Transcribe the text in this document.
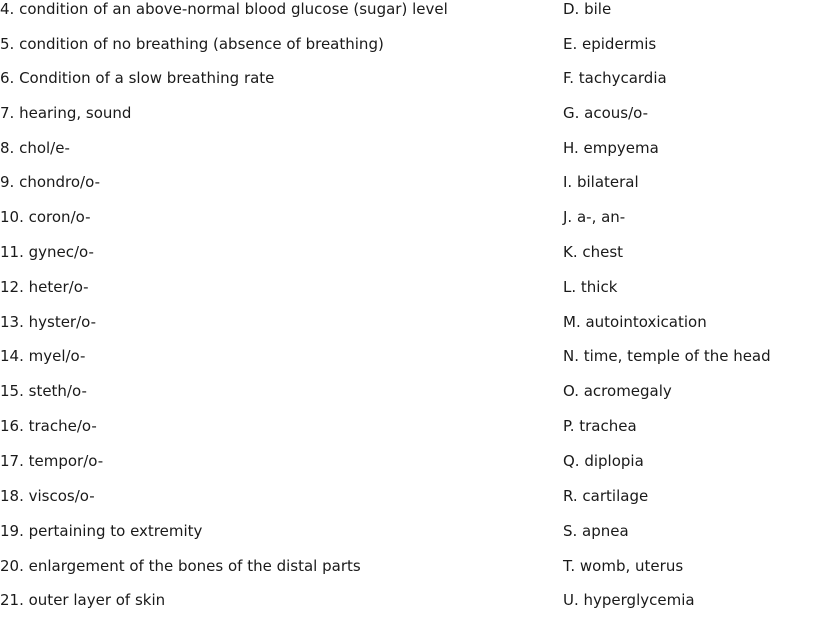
4. condition of an above-normal blood glucose (sugar) level	D. bile
5. condition of no breathing (absence of breathing)	E. epidermis
6. Condition of a slow breathing rate	F. tachycardia
7. hearing, sound	G. acous/o-
8. chol/e-	H. empyema
9. chondro/o-	I. bilateral
10. coron/o-	J. a-, an-
11. gynec/o-	K. chest
12. heter/o-	L. thick
13. hyster/o-	M. autointoxication
14. myel/o-	N. time, temple of the head
15. steth/o-	O. acromegaly
16. trache/o-	P. trachea
17. tempor/o-	Q. diplopia
18. viscos/o-	R. cartilage
19. pertaining to extremity	S. apnea
20. enlargement of the bones of the distal parts	T. womb, uterus
21. outer layer of skin	U. hyperglycemia
